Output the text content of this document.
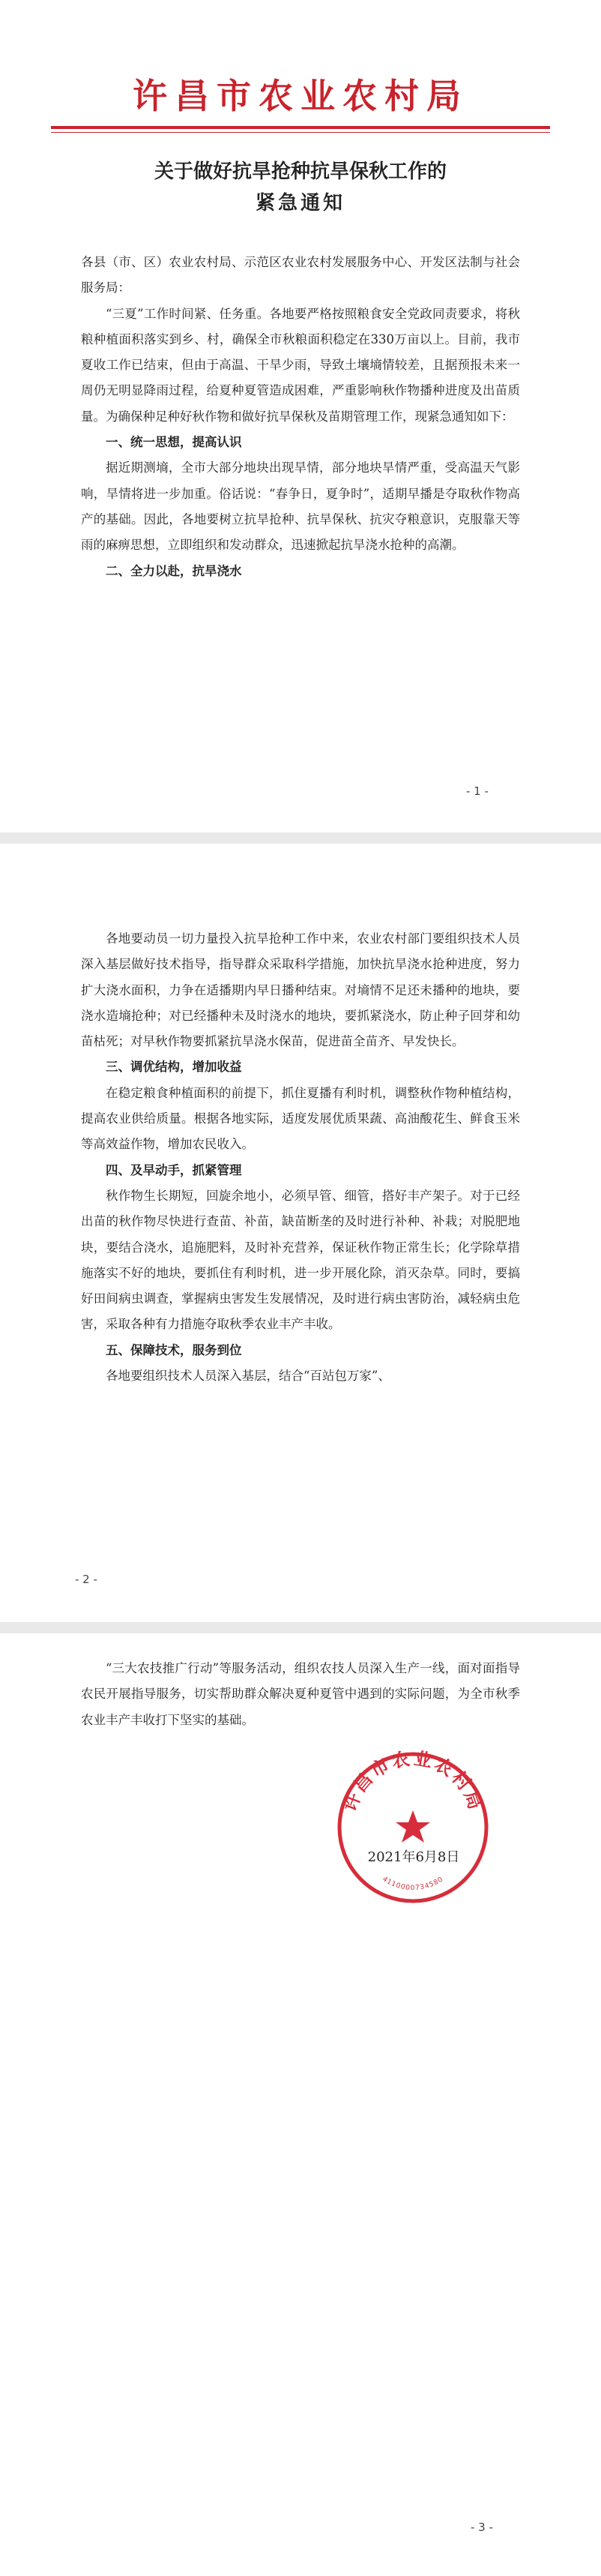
许昌市农业农村局
关于做好抗旱抢种抗旱保秋工作的
紧急通知

各县（市、区）农业农村局、示范区农业农村发展服务中心、开发区法制与社会服务局：

“三夏”工作时间紧、任务重。各地要严格按照粮食安全党政同责要求，将秋粮种植面积落实到乡、村，确保全市秋粮面积稳定在330万亩以上。目前，我市夏收工作已结束，但由于高温、干旱少雨，导致土壤墒情较差，且据预报未来一周仍无明显降雨过程，给夏种夏管造成困难，严重影响秋作物播种进度及出苗质量。为确保种足种好秋作物和做好抗旱保秋及苗期管理工作，现紧急通知如下：

一、统一思想，提高认识

据近期测墒，全市大部分地块出现旱情，部分地块旱情严重，受高温天气影响，旱情将进一步加重。俗话说：“春争日，夏争时”，适期早播是夺取秋作物高产的基础。因此，各地要树立抗旱抢种、抗旱保秋、抗灾夺粮意识，克服靠天等雨的麻痹思想，立即组织和发动群众，迅速掀起抗旱浇水抢种的高潮。

二、全力以赴，抗旱浇水

- 1 -

各地要动员一切力量投入抗旱抢种工作中来，农业农村部门要组织技术人员深入基层做好技术指导，指导群众采取科学措施，加快抗旱浇水抢种进度，努力扩大浇水面积，力争在适播期内早日播种结束。对墒情不足还未播种的地块，要浇水造墒抢种；对已经播种未及时浇水的地块，要抓紧浇水，防止种子回芽和幼苗枯死；对早秋作物要抓紧抗旱浇水保苗，促进苗全苗齐、早发快长。

三、调优结构，增加收益

在稳定粮食种植面积的前提下，抓住夏播有利时机，调整秋作物种植结构，提高农业供给质量。根据各地实际，适度发展优质果蔬、高油酸花生、鲜食玉米等高效益作物，增加农民收入。

四、及早动手，抓紧管理

秋作物生长期短，回旋余地小，必须早管、细管，搭好丰产架子。对于已经出苗的秋作物尽快进行查苗、补苗，缺苗断垄的及时进行补种、补栽；对脱肥地块，要结合浇水，追施肥料，及时补充营养，保证秋作物正常生长；化学除草措施落实不好的地块，要抓住有利时机，进一步开展化除，消灭杂草。同时，要搞好田间病虫调查，掌握病虫害发生发展情况，及时进行病虫害防治，减轻病虫危害，采取各种有力措施夺取秋季农业丰产丰收。

五、保障技术，服务到位

各地要组织技术人员深入基层，结合“百站包万家”、

- 2 -

“三大农技推广行动”等服务活动，组织农技人员深入生产一线，面对面指导农民开展指导服务，切实帮助群众解决夏种夏管中遇到的实际问题，为全市秋季农业丰产丰收打下坚实的基础。

许昌市农业农村局
4110000734580
2021年6月8日
- 3 -
